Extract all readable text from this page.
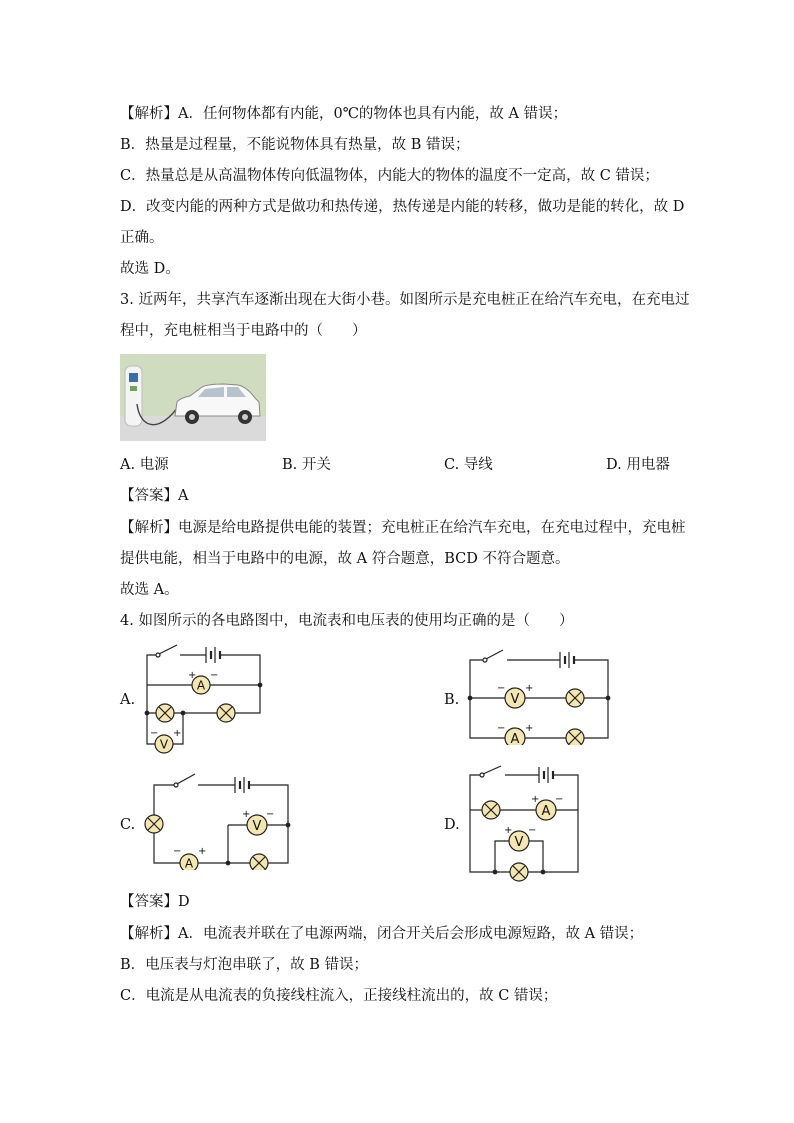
【解析】A．任何物体都有内能，0℃的物体也具有内能，故 A 错误；
B．热量是过程量，不能说物体具有热量，故 B 错误；
C．热量总是从高温物体传向低温物体，内能大的物体的温度不一定高，故 C 错误；
D．改变内能的两种方式是做功和热传递，热传递是内能的转移，做功是能的转化，故 D
正确。
故选 D。
3. 近两年，共享汽车逐渐出现在大街小巷。如图所示是充电桩正在给汽车充电，在充电过
程中，充电桩相当于电路中的（　　）
A. 电源	B. 开关	C. 导线	D. 用电器
【答案】A
【解析】电源是给电路提供电能的装置；充电桩正在给汽车充电，在充电过程中，充电桩
提供电能，相当于电路中的电源，故 A 符合题意，BCD 不符合题意。
故选 A。
4. 如图所示的各电路图中，电流表和电压表的使用均正确的是（　　）
A.	B.
C.	D.
A
+ −
V
− +
V
− +
A
− +
A
− +
V
+ −	A
+ −
V
+ −
【答案】D
【解析】A．电流表并联在了电源两端，闭合开关后会形成电源短路，故 A 错误；
B．电压表与灯泡串联了，故 B 错误；
C．电流是从电流表的负接线柱流入，正接线柱流出的，故 C 错误；
